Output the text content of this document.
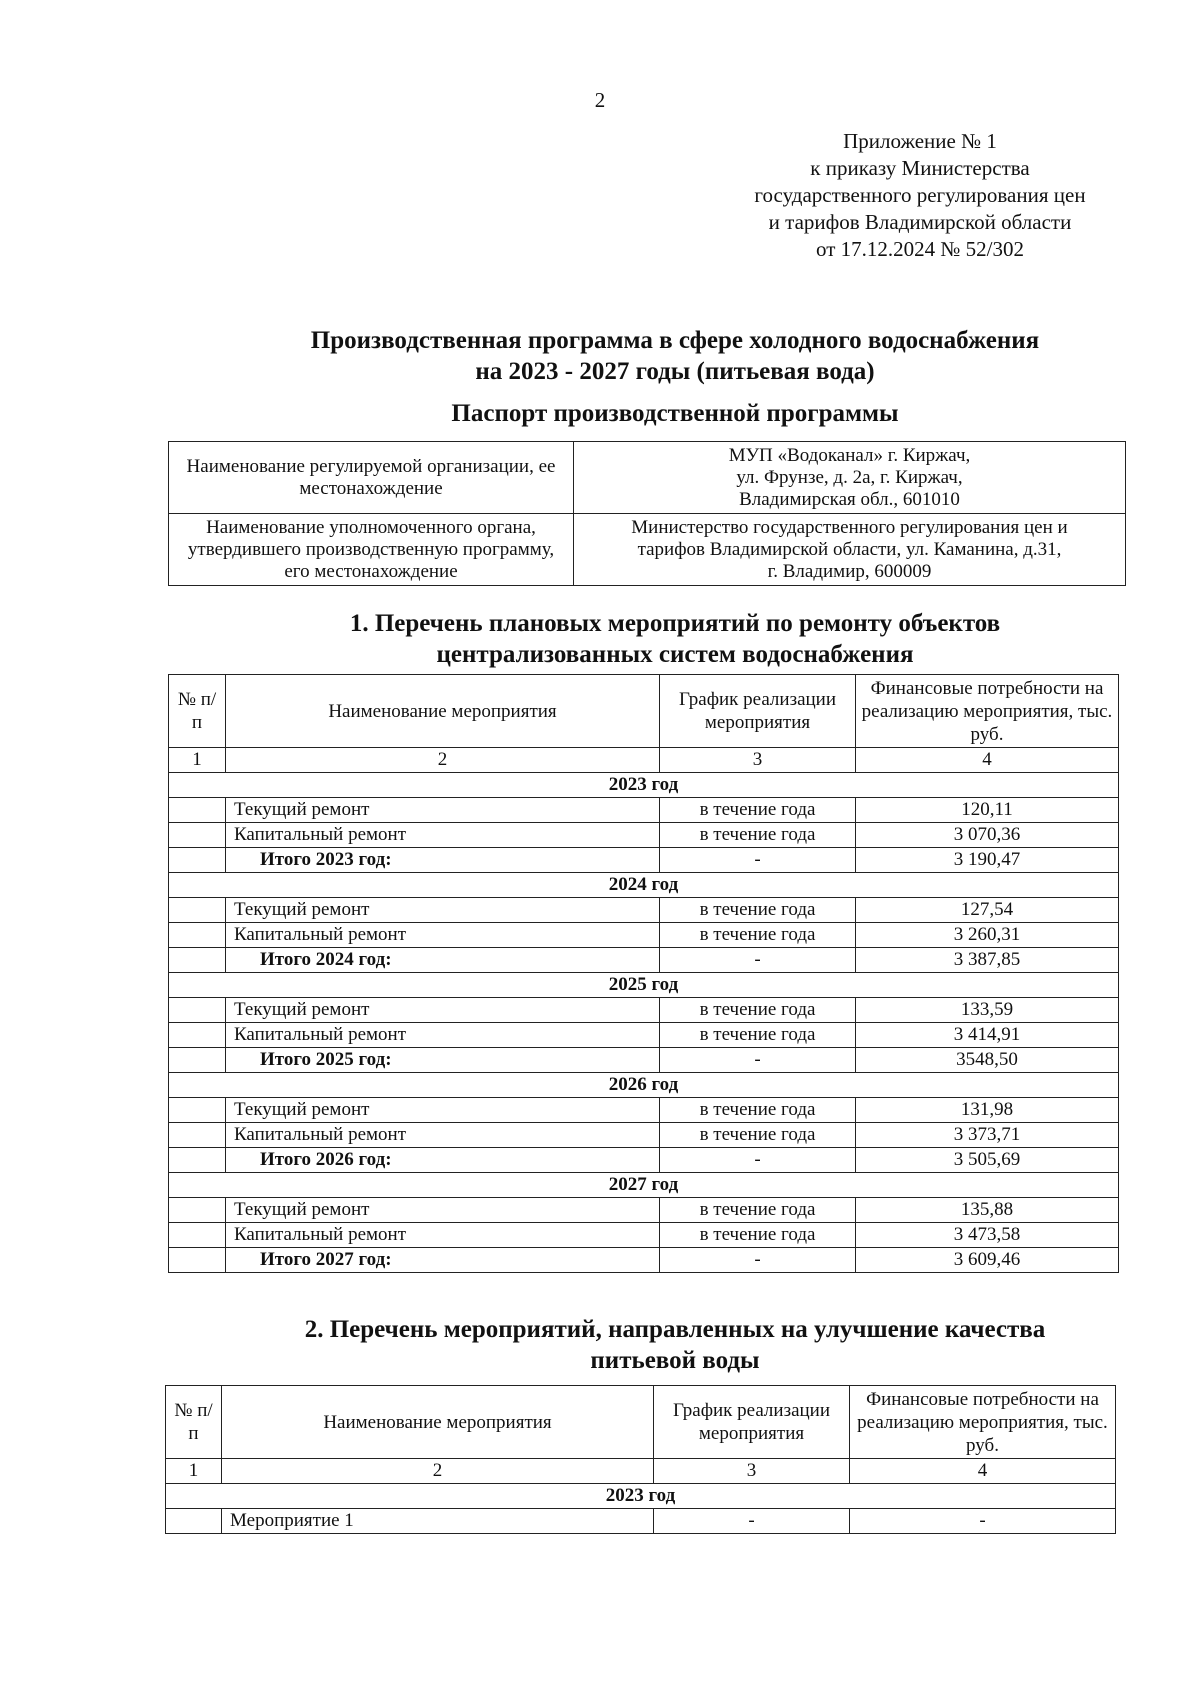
2
Приложение № 1
к приказу Министерства
государственного регулирования цен
и тарифов Владимирской области
от 17.12.2024 № 52/302
Производственная программа в сфере холодного водоснабжения
на 2023 - 2027 годы (питьевая вода)
Паспорт производственной программы
Наименование регулируемой организации, ее местонахождение	МУП «Водоканал» г. Киржач,
ул. Фрунзе, д. 2а, г. Киржач,
Владимирская обл., 601010

Наименование уполномоченного органа, утвердившего производственную программу, его местонахождение	Министерство государственного регулирования цен и
тарифов Владимирской области, ул. Каманина, д.31,
г. Владимир, 600009
1. Перечень плановых мероприятий по ремонту объектов
централизованных систем водоснабжения
№ п/п	Наименование мероприятия	График реализации мероприятия	Финансовые потребности на реализацию мероприятия, тыс. руб.
1	2	3	4
2023 год			
	Текущий ремонт	в течение года	120,11
	Капитальный ремонт	в течение года	3 070,36
	Итого 2023 год:	-	3 190,47
2024 год			
	Текущий ремонт	в течение года	127,54
	Капитальный ремонт	в течение года	3 260,31
	Итого 2024 год:	-	3 387,85
2025 год			
	Текущий ремонт	в течение года	133,59
	Капитальный ремонт	в течение года	3 414,91
	Итого 2025 год:	-	3548,50
2026 год			
	Текущий ремонт	в течение года	131,98
	Капитальный ремонт	в течение года	3 373,71
	Итого 2026 год:	-	3 505,69
2027 год			
	Текущий ремонт	в течение года	135,88
	Капитальный ремонт	в течение года	3 473,58
	Итого 2027 год:	-	3 609,46
2. Перечень мероприятий, направленных на улучшение качества
питьевой воды
№ п/п	Наименование мероприятия	График реализации мероприятия	Финансовые потребности на реализацию мероприятия, тыс. руб.
1	2	3	4
2023 год			
	Мероприятие 1	-	-
